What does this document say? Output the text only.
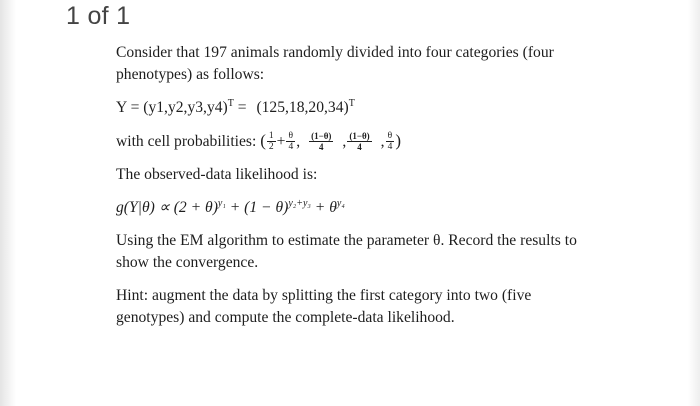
1 of 1

Consider that 197 animals randomly divided into four categories (four phenotypes) as follows:

$Y = (y1,y2,y3,y4)^T = (125,18,20,34)^T$

with cell probabilities: ( $\frac{1}{2} + \frac{\theta}{4}$ , $\frac{(1-\theta)}{4}$ , $\frac{(1-\theta)}{4}$ , $\frac{\theta}{4}$ )

The observed-data likelihood is:

$g(Y|\theta) \propto (2 + \theta)^{y_1} + (1 - \theta)^{y_2+y_3} + \theta^{y_4}$

Using the EM algorithm to estimate the parameter θ. Record the results to show the convergence.

Hint: augment the data by splitting the first category into two (five genotypes) and compute the complete-data likelihood.
